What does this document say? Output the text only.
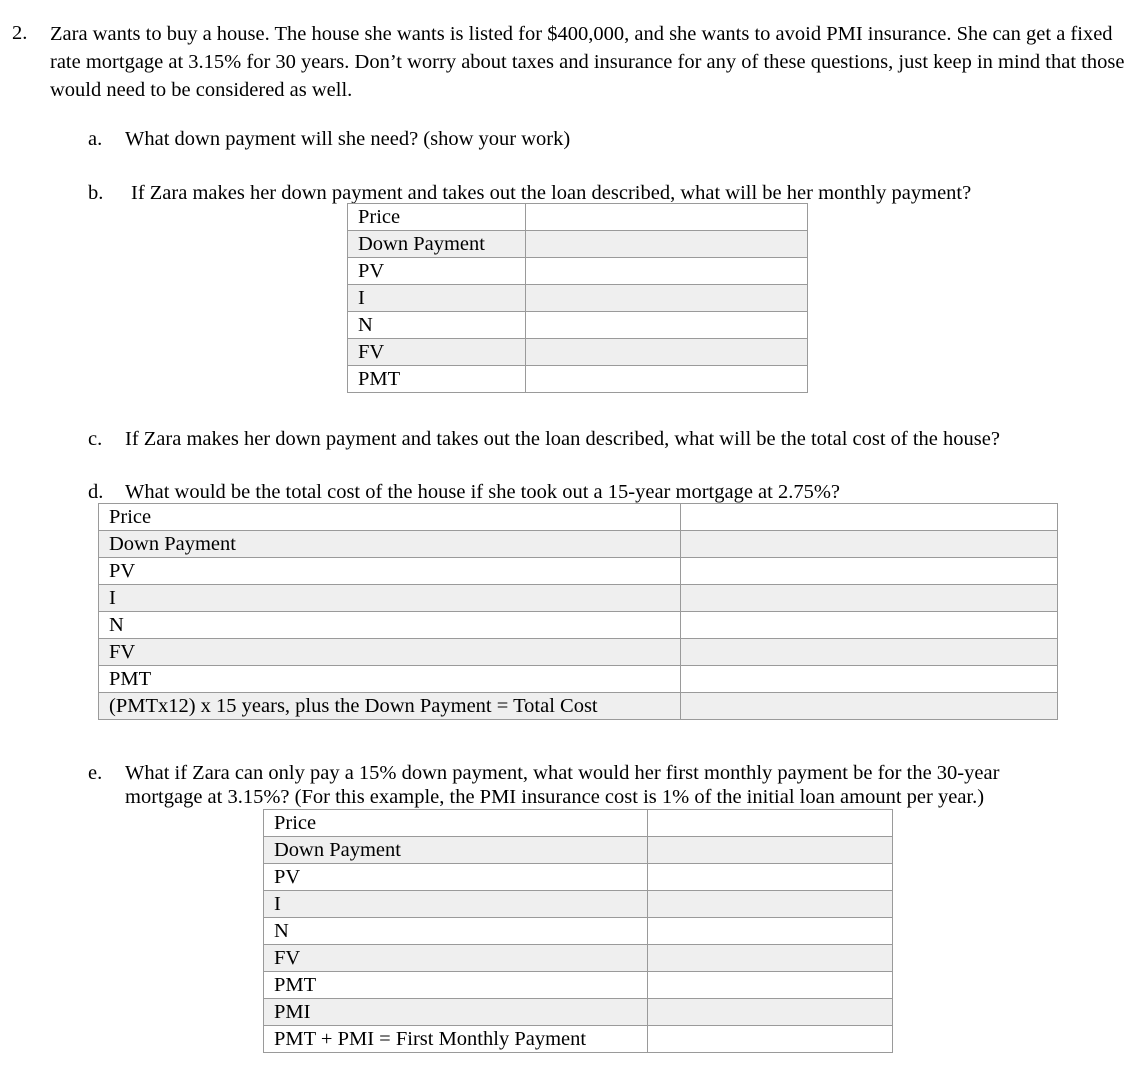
2. Zara wants to buy a house. The house she wants is listed for $400,000, and she wants to avoid PMI insurance. She can get a fixed rate mortgage at 3.15% for 30 years. Don’t worry about taxes and insurance for any of these questions, just keep in mind that those would need to be considered as well.
a. What down payment will she need? (show your work)
b. If Zara makes her down payment and takes out the loan described, what will be her monthly payment?
Price	
Down Payment	
PV	
I	
N	
FV	
PMT	
c. If Zara makes her down payment and takes out the loan described, what will be the total cost of the house?
d. What would be the total cost of the house if she took out a 15-year mortgage at 2.75%?
Price	
Down Payment	
PV	
I	
N	
FV	
PMT	
(PMTx12) x 15 years, plus the Down Payment = Total Cost	
e. What if Zara can only pay a 15% down payment, what would her first monthly payment be for the 30-year
mortgage at 3.15%? (For this example, the PMI insurance cost is 1% of the initial loan amount per year.)
Price	
Down Payment	
PV	
I	
N	
FV	
PMT	
PMI	
PMT + PMI = First Monthly Payment	
